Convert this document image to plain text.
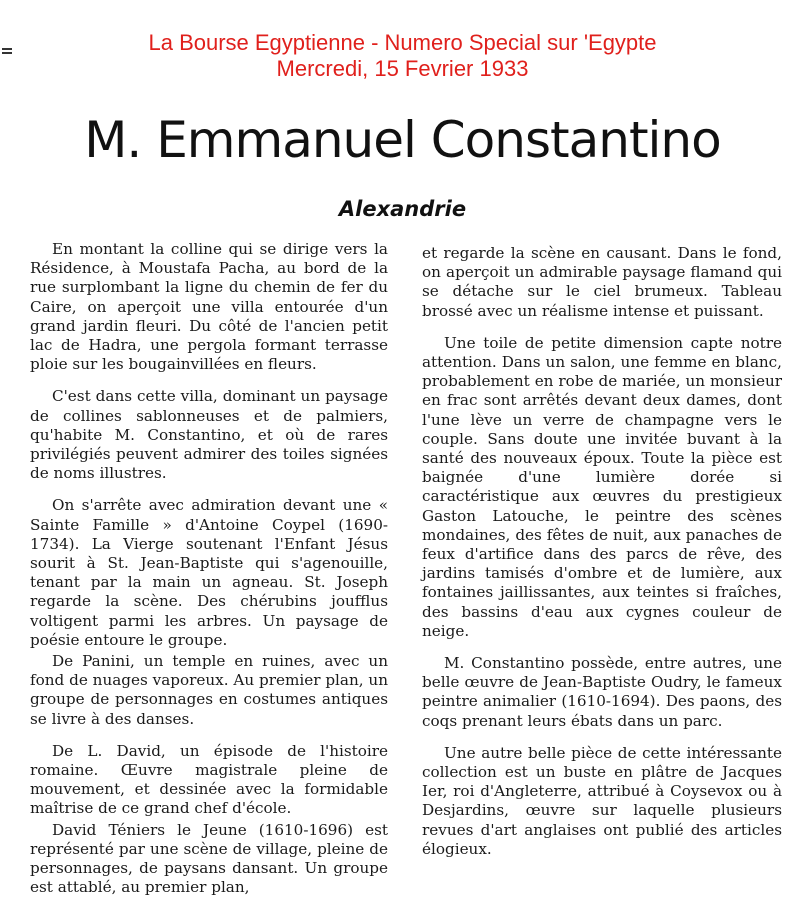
La Bourse Egyptienne - Numero Special sur 'Egypte
Mercredi, 15 Fevrier 1933
M. Emmanuel Constantino
Alexandrie

En montant la colline qui se dirige vers la Résidence, à Moustafa Pacha, au bord de la rue surplombant la ligne du chemin de fer du Caire, on aperçoit une villa entourée d'un grand jardin fleuri. Du côté de l'ancien petit lac de Hadra, une pergola formant terrasse ploie sur les bougainvillées en fleurs.

C'est dans cette villa, dominant un paysage de collines sablonneuses et de palmiers, qu'habite M. Constantino, et où de rares privilégiés peuvent admirer des toiles signées de noms illustres.

On s'arrête avec admiration devant une « Sainte Famille » d'Antoine Coypel (1690-1734). La Vierge soutenant l'Enfant Jésus sourit à St. Jean-Baptiste qui s'agenouille, tenant par la main un agneau. St. Joseph regarde la scène. Des chérubins joufflus voltigent parmi les arbres. Un paysage de poésie entoure le groupe.

De Panini, un temple en ruines, avec un fond de nuages vaporeux. Au premier plan, un groupe de personnages en costumes antiques se livre à des danses.

De L. David, un épisode de l'histoire romaine. Œuvre magistrale pleine de mouvement, et dessinée avec la formidable maîtrise de ce grand chef d'école.

David Téniers le Jeune (1610-1696) est représenté par une scène de village, pleine de personnages, de paysans dansant. Un groupe est attablé, au premier plan,

et regarde la scène en causant. Dans le fond, on aperçoit un admirable paysage flamand qui se détache sur le ciel brumeux. Tableau brossé avec un réalisme intense et puissant.

Une toile de petite dimension capte notre attention. Dans un salon, une femme en blanc, probablement en robe de mariée, un monsieur en frac sont arrêtés devant deux dames, dont l'une lève un verre de champagne vers le couple. Sans doute une invitée buvant à la santé des nouveaux époux. Toute la pièce est baignée d'une lumière dorée si caractéristique aux œuvres du prestigieux Gaston Latouche, le peintre des scènes mondaines, des fêtes de nuit, aux panaches de feux d'artifice dans des parcs de rêve, des jardins tamisés d'ombre et de lumière, aux fontaines jaillissantes, aux teintes si fraîches, des bassins d'eau aux cygnes couleur de neige.

M. Constantino possède, entre autres, une belle œuvre de Jean-Baptiste Oudry, le fameux peintre animalier (1610-1694). Des paons, des coqs prenant leurs ébats dans un parc.

Une autre belle pièce de cette intéressante collection est un buste en plâtre de Jacques Ier, roi d'Angleterre, attribué à Coysevox ou à Desjardins, œuvre sur laquelle plusieurs revues d'art anglaises ont publié des articles élogieux.
